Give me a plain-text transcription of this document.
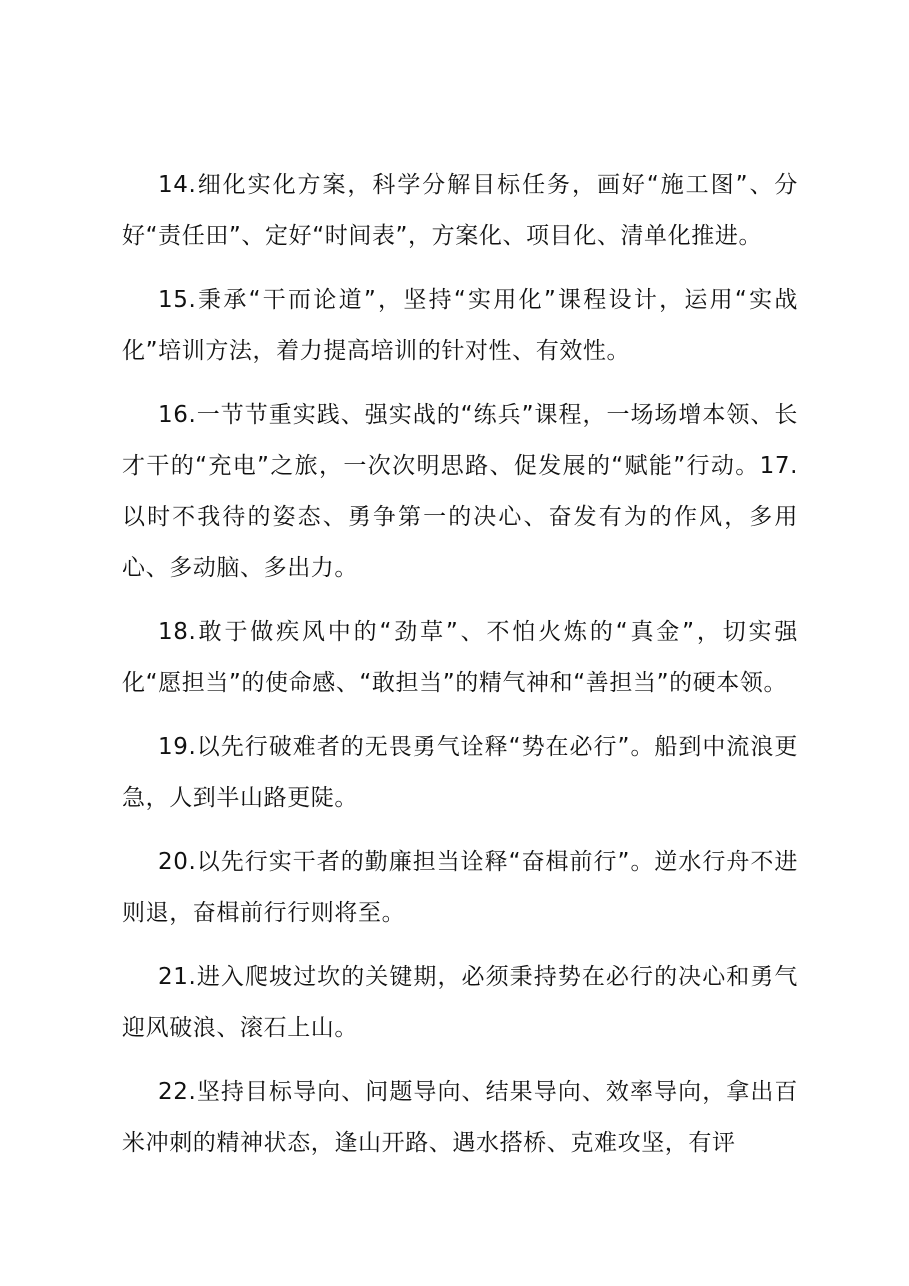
14.细化实化方案，科学分解目标任务，画好“施工图”、分好“责任田”、定好“时间表”，方案化、项目化、清单化推进。

15.秉承“干而论道”，坚持“实用化”课程设计，运用“实战化”培训方法，着力提高培训的针对性、有效性。

16.一节节重实践、强实战的“练兵”课程，一场场增本领、长才干的“充电”之旅，一次次明思路、促发展的“赋能”行动。17.以时不我待的姿态、勇争第一的决心、奋发有为的作风，多用心、多动脑、多出力。

18.敢于做疾风中的“劲草”、不怕火炼的“真金”，切实强化“愿担当”的使命感、“敢担当”的精气神和“善担当”的硬本领。

19.以先行破难者的无畏勇气诠释“势在必行”。船到中流浪更急，人到半山路更陡。

20.以先行实干者的勤廉担当诠释“奋楫前行”。逆水行舟不进则退，奋楫前行行则将至。

21.进入爬坡过坎的关键期，必须秉持势在必行的决心和勇气迎风破浪、滚石上山。

22.坚持目标导向、问题导向、结果导向、效率导向，拿出百米冲刺的精神状态，逢山开路、遇水搭桥、克难攻坚，有评
